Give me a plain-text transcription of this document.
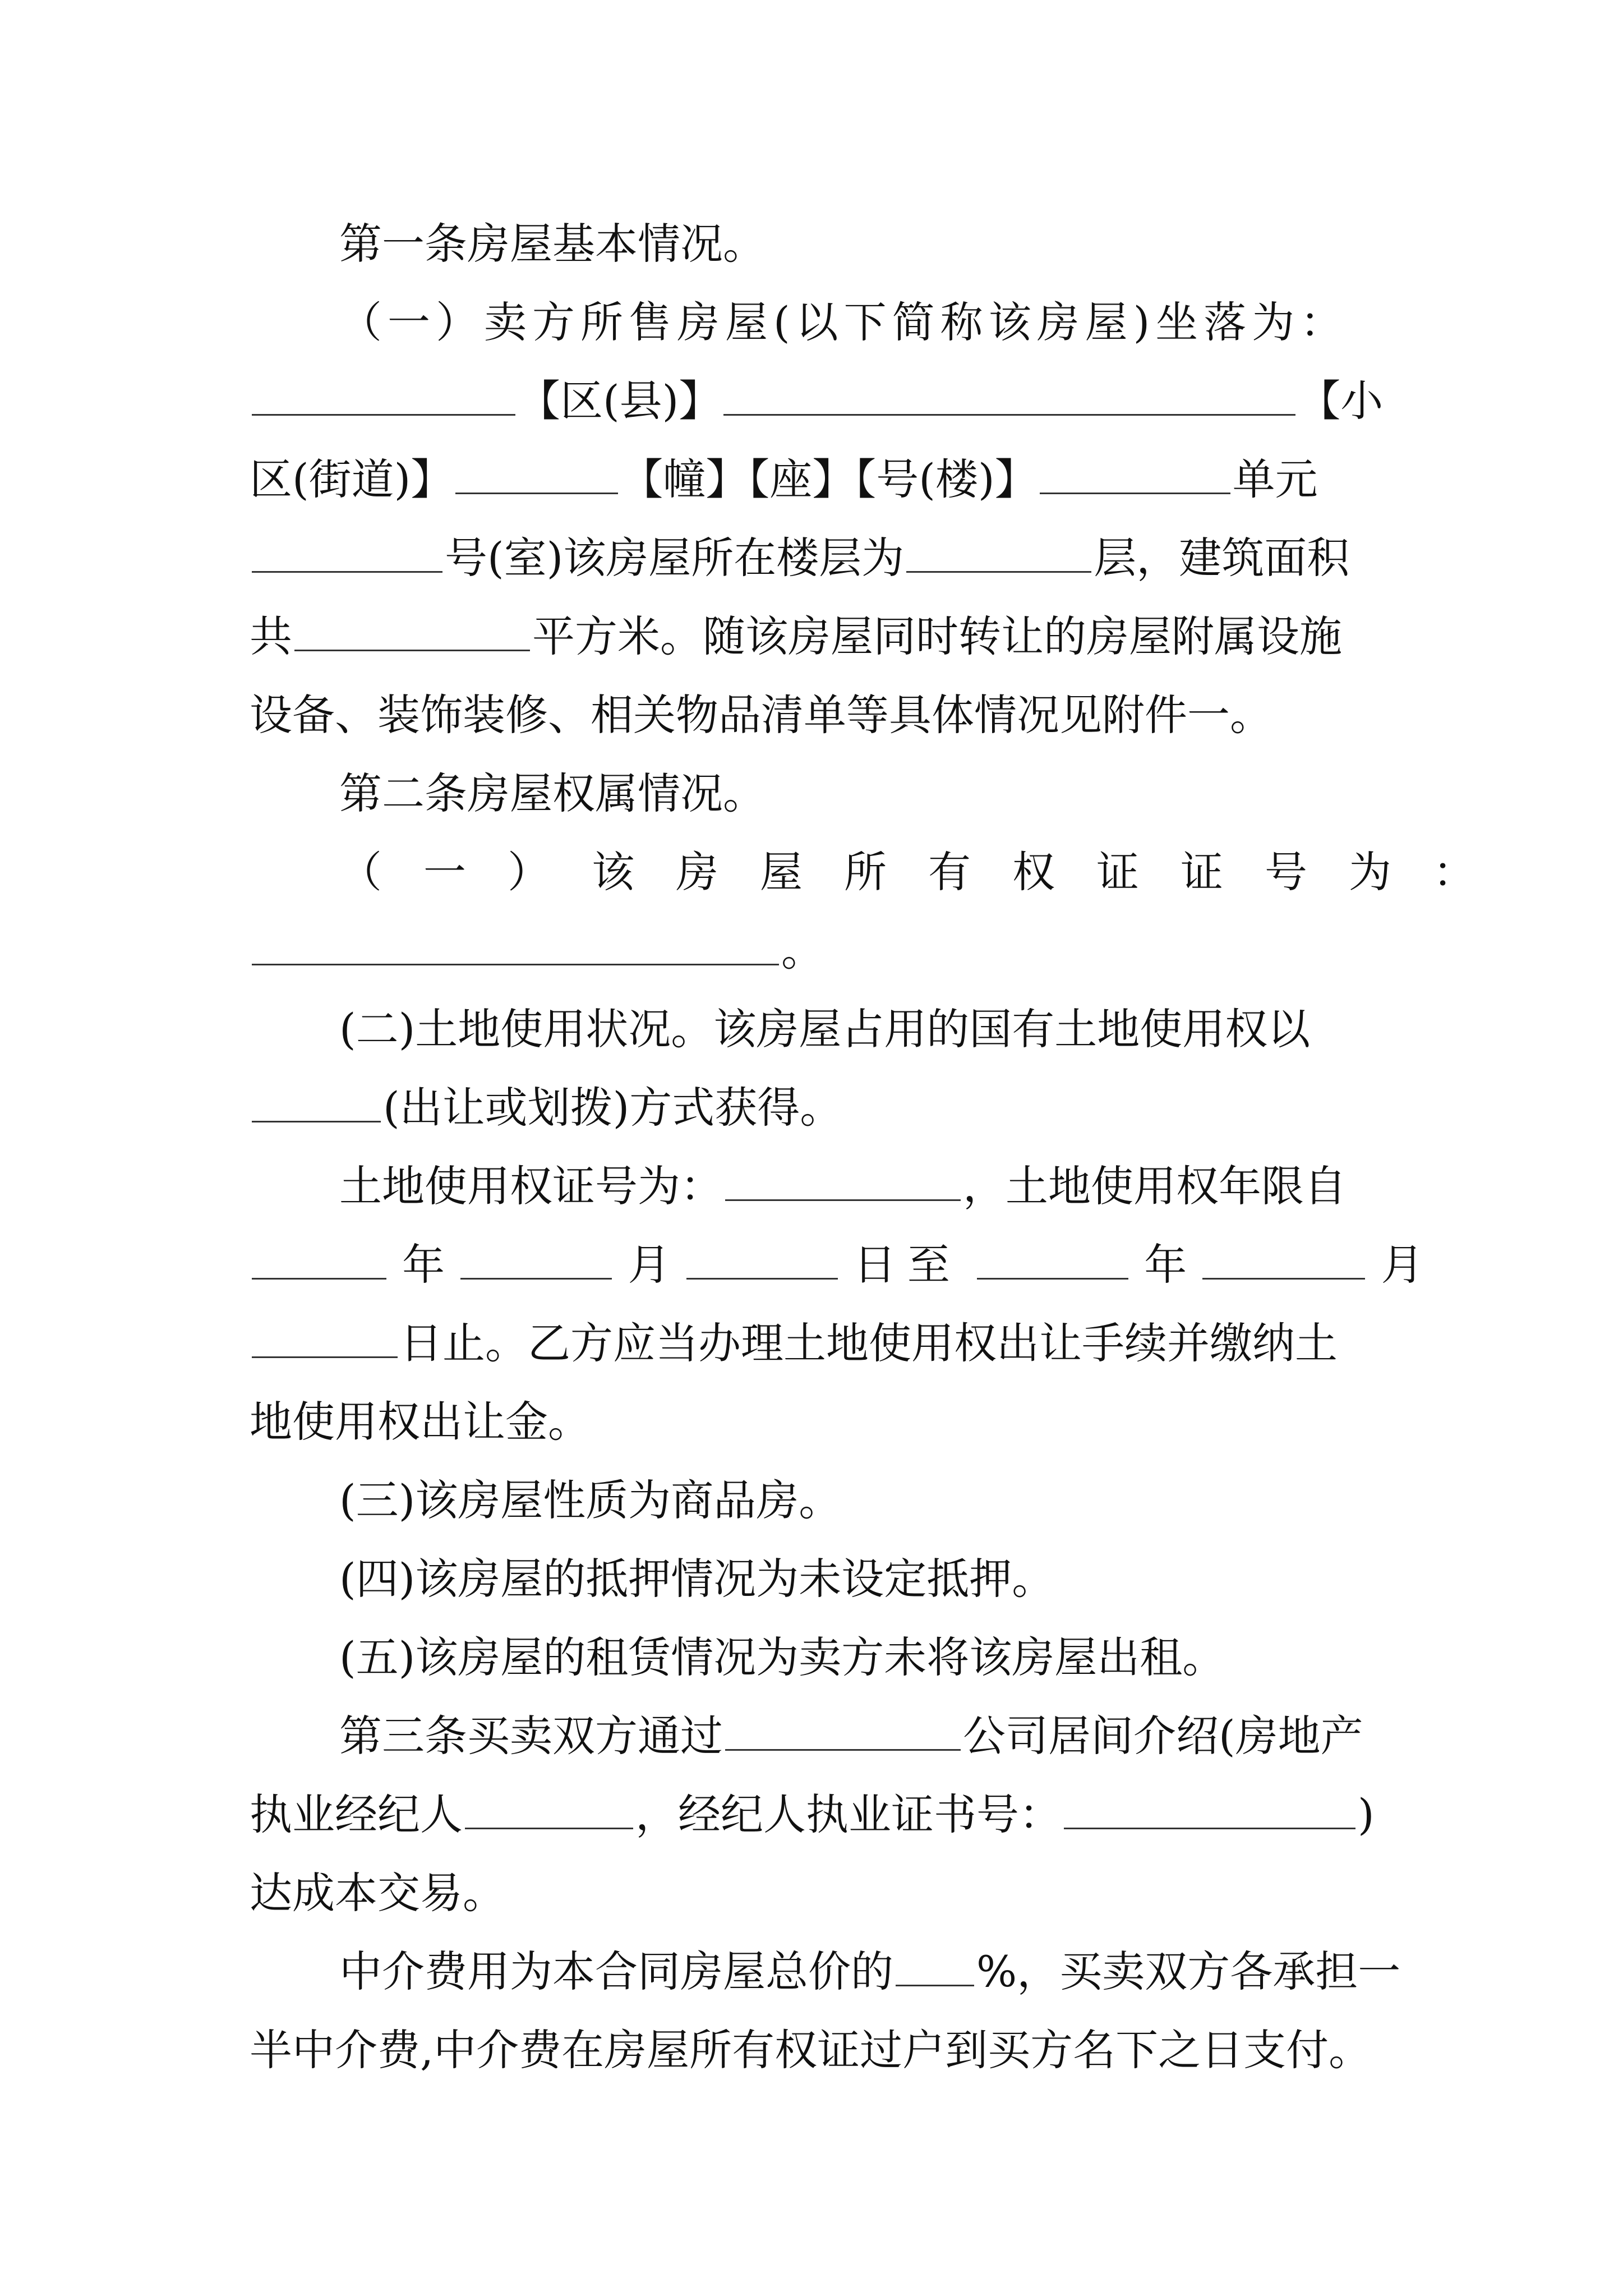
第一条房屋基本情况。
（一）卖方所售房屋(以下简称该房屋)坐落为：
【区(县)】	【小
区(街道)】	【幢】【座】【号(楼)】	单元
号(室)该房屋所在楼层为	层，建筑面积
共	平方米。随该房屋同时转让的房屋附属设施
设备、装饰装修、相关物品清单等具体情况见附件一。
第二条房屋权属情况。
（一）该房屋所有权证证号为：
。
(二)土地使用状况。该房屋占用的国有土地使用权以
(出让或划拨)方式获得。
土地使用权证号为：	，土地使用权年限自
年	月	日至	年	月
日止。乙方应当办理土地使用权出让手续并缴纳土
地使用权出让金。
(三)该房屋性质为商品房。
(四)该房屋的抵押情况为未设定抵押。
(五)该房屋的租赁情况为卖方未将该房屋出租。
第三条买卖双方通过	公司居间介绍(房地产
执业经纪人	，经纪人执业证书号：	)
达成本交易。
中介费用为本合同房屋总价的 %，买卖双方各承担一
半中介费,中介费在房屋所有权证过户到买方名下之日支付。
